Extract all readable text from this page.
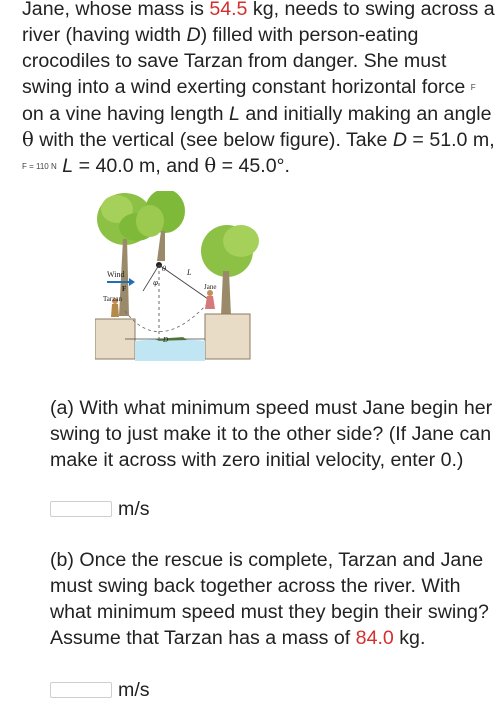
Jane, whose mass is 54.5 kg, needs to swing across a river (having width D) filled with person-eating crocodiles to save Tarzan from danger. She must swing into a wind exerting constant horizontal force F on a vine having length L and initially making an angle θ with the vertical (see below figure). Take D = 51.0 m, F = 110 N L = 40.0 m, and θ = 45.0°.
Wind
F
Tarzan
Jane
L
D
θ
φ
(a) With what minimum speed must Jane begin her swing to just make it to the other side? (If Jane can make it across with zero initial velocity, enter 0.)
m/s
(b) Once the rescue is complete, Tarzan and Jane must swing back together across the river. With what minimum speed must they begin their swing? Assume that Tarzan has a mass of 84.0 kg.
m/s
